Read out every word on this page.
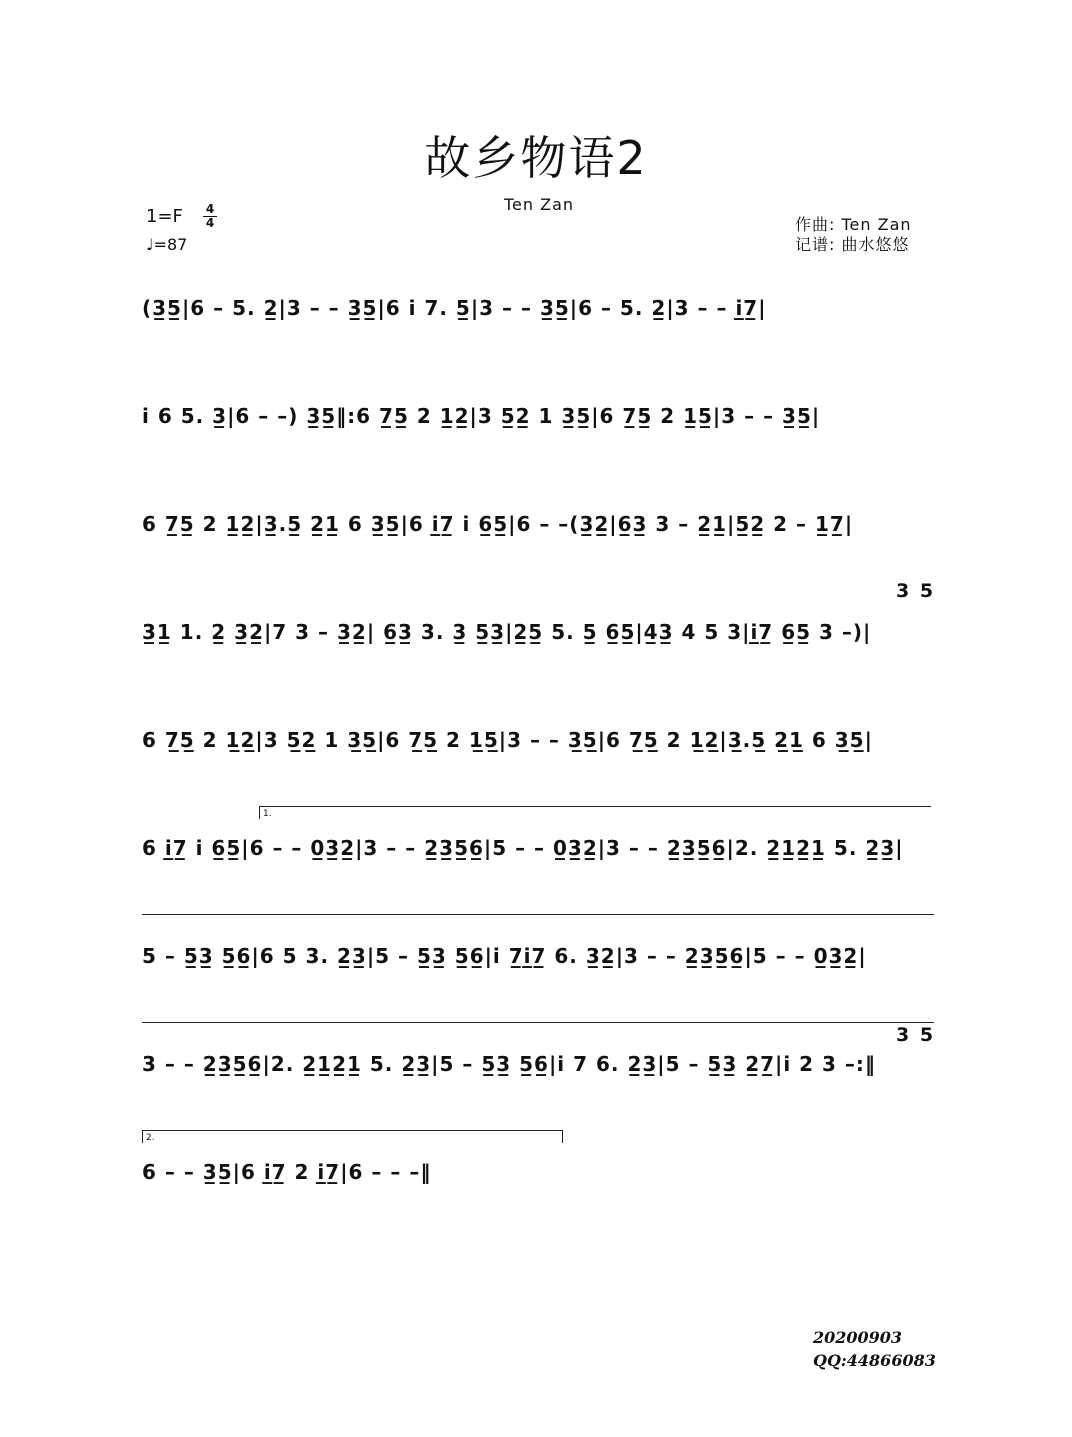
故乡物语2
Ten Zan
1=F 4
4
♩=87
作曲: Ten Zan
记谱: 曲水悠悠
(3̲5̲|6 – 5. 2̲|3 – – 3̲5̲|6 i 7. 5̲|3 – – 3̲5̲|6 – 5. 2̲|3 – – i̲7̲|
i 6 5. 3̲|6 – –) 3̲5̲‖:6 7̲5̲ 2 1̲2̲|3 5̲2̲ 1 3̲5̲|6 7̲5̲ 2 1̲5̲|3 – – 3̲5̲|
6 7̲5̲ 2 1̲2̲|3̲.5̲ 2̲1̲ 6 3̲5̲|6 i̲7̲ i 6̲5̲|6 – –(3̲2̲|6̲3̲ 3 – 2̲1̲|5̲2̲ 2 – 1̲7̲|
3 5
3̲1̲ 1. 2̲ 3̲2̲|7 3 – 3̲2̲| 6̲3̲ 3. 3̲ 5̲3̲|2̲5̲ 5. 5̲ 6̲5̲|4̲3̲ 4 5 3|i̲7̲ 6̲5̲ 3 –)|
6 7̲5̲ 2 1̲2̲|3 5̲2̲ 1 3̲5̲|6 7̲5̲ 2 1̲5̲|3 – – 3̲5̲|6 7̲5̲ 2 1̲2̲|3̲.5̲ 2̲1̲ 6 3̲5̲|
1.
6 i̲7̲ i 6̲5̲|6 – – 0̲3̲2̲|3 – – 2̲3̲5̲6̲|5 – – 0̲3̲2̲|3 – – 2̲3̲5̲6̲|2. 2̲1̲2̲1̲ 5. 2̲3̲|
5 – 5̲3̲ 5̲6̲|6 5 3. 2̲3̲|5 – 5̲3̲ 5̲6̲|i 7̲i̲7̲ 6. 3̲2̲|3 – – 2̲3̲5̲6̲|5 – – 0̲3̲2̲|
3 5
3 – – 2̲3̲5̲6̲|2. 2̲1̲2̲1̲ 5. 2̲3̲|5 – 5̲3̲ 5̲6̲|i 7 6. 2̲3̲|5 – 5̲3̲ 2̲7̲|i 2 3 –:‖
2.
6 – – 3̲5̲|6 i̲7̲ 2 i̲7̲|6 – – –‖
20200903
QQ:44866083
